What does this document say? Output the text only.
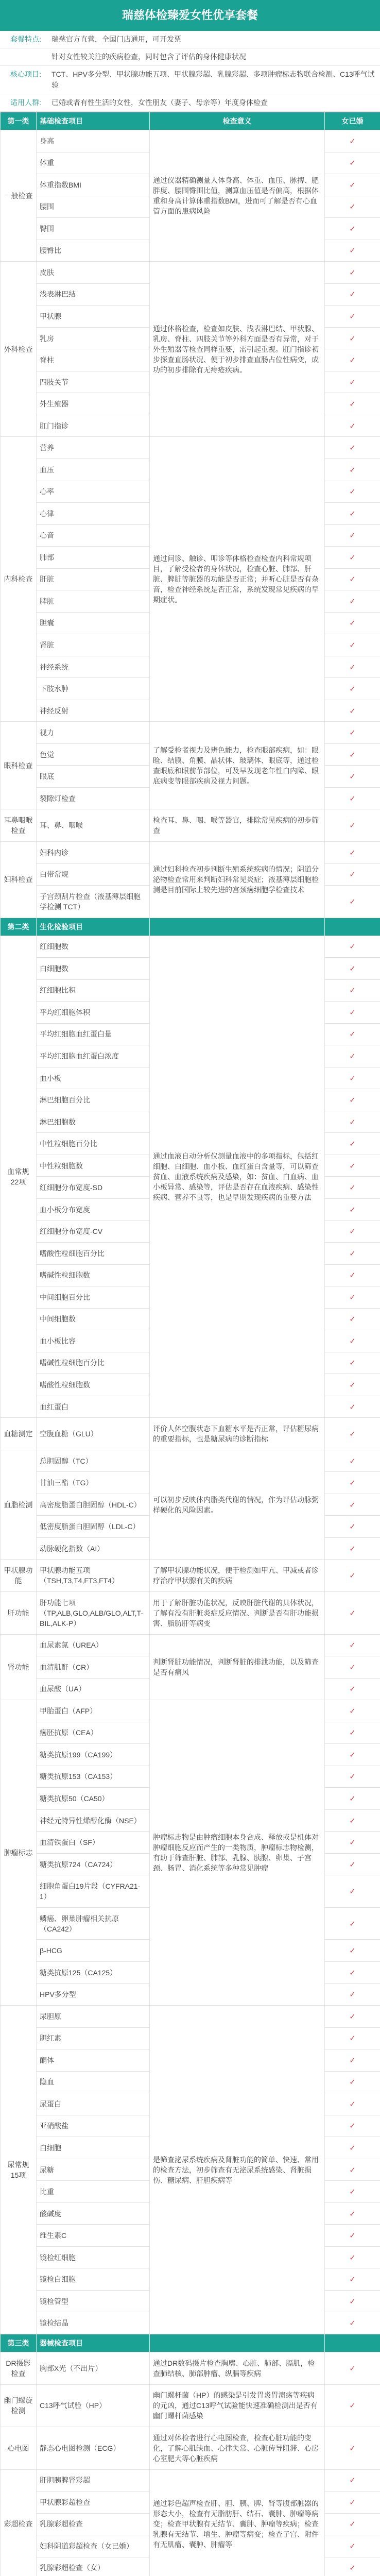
瑞慈体检臻爱女性优享套餐
套餐特点:	瑞慈官方直营，全国门店通用，可开发票
针对女性较关注的疾病检查，同时包含了评估的身体健康状况
核心项目:	TCT、HPV多分型、甲状腺功能五项、甲状腺彩超、乳腺彩超、多项肿瘤标志物联合检测、C13呼气试验
适用人群:	已婚或者有性生活的女性，女性朋友（妻子、母亲等）年度身体检查
第一类	基础检查项目	检查意义	女已婚
一般检查	身高	通过仪器精确测量人体身高、体重、血压、脉搏、肥胖度、腰围臀围比值，测算血压值是否偏高，根据体重和身高计算体重指数BMI，进而可了解是否有心血管方面的患病风险	✓
	体重		✓
	体重指数BMI		✓
	腰围		✓
	臀围		✓
	腰臀比		✓
外科检查	皮肤	通过体格检查，检查如皮肤、浅表淋巴结、甲状腺、乳房、脊柱、四肢关节等外科方面是否有异常，对于外生殖器等检查同样重要，需引起重视。肛门指诊初步探查直肠状况、便于初步排查直肠占位性病变，成功的初步排除有无痔疮疾病。	✓
	浅表淋巴结		✓
	甲状腺		✓
	乳房		✓
	脊柱		✓
	四肢关节		✓
	外生殖器		✓
	肛门指诊		✓
内科检查	营养	通过问诊、触诊、叩诊等体格检查检查内科常规项目，了解受检者的身体状况，检查心脏、肺部、肝脏、脾脏等脏器的功能是否正常；并听心脏是否有杂音，检查神经系统是否正常，系统发现常见疾病的早期症状。	✓
	血压		✓
	心率		✓
	心律		✓
	心音		✓
	肺部		✓
	肝脏		✓
	脾脏		✓
	胆囊		✓
	肾脏		✓
	神经系统		✓
	下肢水肿		✓
	神经反射		✓
眼科检查	视力	了解受检者视力及辨色能力，检查眼部疾病，如：眼睑、结膜、角膜、晶状体、玻璃体、眼底等，通过检查眼底和眼前节部位，可及早发现老年性白内障、眼底病变等眼部疾病及视力问题。	✓
	色觉		✓
	眼底		✓
	裂隙灯检查		✓
耳鼻咽喉检查	耳、鼻、咽喉	检查耳、鼻、咽、喉等器官，排除常见疾病的初步筛查	✓
妇科检查	妇科内诊	通过妇科检查初步判断生殖系统疾病的情况；阴道分泌物检查常用来判断妇科常见炎症；液基薄层细胞检测是目前国际上较先进的宫颈癌细胞学检查技术	✓
	白带常规		✓
	子宫颈刮片检查（液基薄层细胞学检测 TCT）		✓
第二类	生化检验项目		
血常规22项	红细胞数	通过血液自动分析仪测量血液中的多项指标，包括红细胞、白细胞、血小板、血红蛋白含量等，可以筛查贫血、血液系统疾病及感染，如：贫血、白血病、血小板异常、感染等，评估是否存在血液疾病、感染性疾病、营养不良等，也是早期发现疾病的重要方法	✓
	白细胞数		✓
	红细胞比积		✓
	平均红细胞体积		✓
	平均红细胞血红蛋白量		✓
	平均红细胞血红蛋白浓度		✓
	血小板		✓
	淋巴细胞百分比		✓
	淋巴细胞数		✓
	中性粒细胞百分比		✓
	中性粒细胞数		✓
	红细胞分布宽度-SD		✓
	血小板分布宽度		✓
	红细胞分布宽度-CV		✓
	嗜酸性粒细胞百分比		✓
	嗜碱性粒细胞数		✓
	中间细胞百分比		✓
	中间细胞数		✓
	血小板比容		✓
	嗜碱性粒细胞百分比		✓
	嗜酸性粒细胞数		✓
	血红蛋白		✓
血糖测定	空腹血糖（GLU）	评价人体空腹状态下血糖水平是否正常，评估糖尿病的重要指标，也是糖尿病的诊断指标	✓
血脂检测	总胆固醇（TC）	可以初步反映体内脂类代谢的情况，作为评估动脉粥样硬化的风险因素。	✓
	甘油三酯（TG）		✓
	高密度脂蛋白胆固醇（HDL-C）		✓
	低密度脂蛋白胆固醇（LDL-C）		✓
	动脉硬化指数（AI）		✓
甲状腺功能	甲状腺功能五项（TSH,T3,T4,FT3,FT4）	了解甲状腺功能状况，便于检测如甲亢、甲减或者诊疗治疗甲状腺有关的疾病	✓
肝功能	肝功能七项（TP,ALB,GLO,ALB/GLO,ALT,T-BIL,ALK-P）	用于了解肝脏功能状况，反映肝脏代谢的具体状况，了解有没有肝脏炎症反应情况、判断是否有肝功能损害、脂肪肝等病变	✓
肾功能	血尿素氮（UREA）	判断肾脏功能情况，判断肾脏的排泄功能，以及筛查是否有痛风	✓
	血清肌酐（CR）		✓
	血尿酸（UA）		✓
肿瘤标志	甲胎蛋白（AFP）	肿瘤标志物是由肿瘤细胞本身合成、释放或是机体对肿瘤细胞反应而产生的一类物质，肿瘤标志物检测，有助于筛查肝脏、肺部、乳腺、胰腺、卵巢、子宫颈、肠胃、消化系统等多种常见肿瘤	✓
	癌胚抗原（CEA）		✓
	糖类抗原199（CA199）		✓
	糖类抗原153（CA153）		✓
	糖类抗原50（CA50）		✓
	神经元特异性烯醇化酶（NSE）		✓
	血清铁蛋白（SF）		✓
	糖类抗原724（CA724）		✓
	细胞角蛋白19片段（CYFRA21-1）		✓
	鳞癌、卵巢肿瘤相关抗原（CA242）		✓
	β-HCG		✓
	糖类抗原125（CA125）		✓
	HPV多分型		✓
尿常规15项	尿胆原	是筛查泌尿系统疾病及肾脏功能的简单、快速、常用的检查方法，初步筛查有无泌尿系统感染、肾脏损伤、糖尿病、肝胆疾病等	✓
	胆红素		✓
	酮体		✓
	隐血		✓
	尿蛋白		✓
	亚硝酸盐		✓
	白细胞		✓
	尿糖		✓
	比重		✓
	酸碱度		✓
	维生素C		✓
	镜检红细胞		✓
	镜检白细胞		✓
	镜检管型		✓
	镜检结晶		✓
第三类	器械检查项目		
DR摄影检查	胸部X光（不出片）	通过DR数码摄片检查胸廓、心脏、肺部、膈肌，检查肺结核、肺部肿瘤、纵膈等疾病	✓
幽门螺旋检测	C13呼气试验（HP）	幽门螺杆菌（HP）的感染是引发胃炎胃溃疡等疾病的元凶，通过C13呼气试验能快速准确检测出是否有幽门螺杆菌感染	✓
心电图	静态心电图检测（ECG）	通过对体检者进行心电图检查，检查心脏功能的变化，了解心肌缺血、心律失常、心脏传导阻滞、心房心室肥大等心脏疾病	✓
彩超检查	肝胆胰脾肾彩超	通过彩色超声检查肝、胆、胰、脾、肾等腹部脏器的形态大小，检查有无脂肪肝、结石、囊肿、肿瘤等病变；检查甲状腺有无结节、囊肿、肿瘤等疾病；检查乳腺有无结节、增生、肿瘤等病变；检查子宫、附件有无肌瘤、囊肿、肿瘤等	✓
	甲状腺彩超检查		✓
	乳腺彩超检查		✓
	妇科阴道彩超检查（女已婚）		✓
	乳腺彩超检查（女）		✓
